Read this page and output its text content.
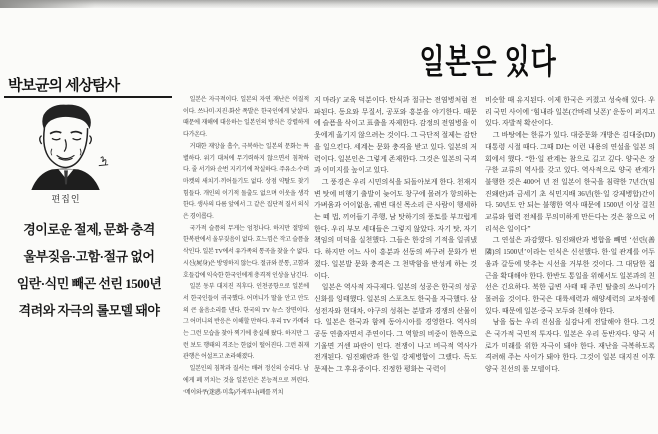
일본은 있다
박보균의 세상탐사
편집인
경이로운 절제, 문화 충격
울부짖음·고함·절규 없어
임란·식민 빼곤 선린 1500년
격려와 자극의 롤모델 돼야

일본은 자극적이다. 일본의 자연 재난은 이질적이다. 쓰나미·지진·화산 폭발은 한국인에게 낯설다. 때문에 재해에 대응하는 일본인의 방식은 강렬하게 다가온다.

거대한 재앙을 흡수, 극복하는 일본의 문화는 특별하다. 위기 대처에 무기력하지 않으면서 침착하다. 줄 서기와 순번 지키기에 착실하다. 주유소·수퍼마켓의 새치기·끼어들기도 없다. 상점 약탈도 찾기 힘들다. 개인의 이기적 돌출도 없으며 이웃을 생각한다. 생사의 다름 앞에서 그 같은 집단적 질서 의식은 경이롭다.

국가적 슬픔의 무게는 엄청나다. 하지만 절망의 한복판에서 울부짖음이 없다. 흐느낌은 작고 슬픔을 삭인다. 일본 TV에서 유가족의 통곡을 찾을 수 없다. 시신(屍身)은 방영하지 않는다. 절규와 분통, 고함과 호들갑에 익숙한 한국인에게 충격적 인상을 남긴다.

일본 동부 대지진 직후다. 인천공항으로 일본에서 한국인들이 귀국했다. 어머니가 딸을 안고 안도의 큰 울음소리를 낸다. 한국의 TV 뉴스 장면이다. 그 어머니의 반응은 이해할 만하다. 우리 TV 카메라는 그런 모습을 찾아 찍기에 충실해 왔다. 하지만 그런 보도 행태의 격조는 한없이 떨어진다. 그런 취재 관행은 어설프고 초라해졌다.

일본인의 침착과 질서는 배려 정신의 승리다. 남에게 폐 끼치는 것을 일본인은 본능적으로 꺼린다. ‘메이와쿠(迷惑·미혹)가케루나(폐를 끼치

지 마라)’ 교육 덕분이다. 탄식과 절규는 전염병처럼 전파된다. 동요와 무질서, 공포와 흥분을 야기한다. 때문에 슬픔을 삭이고 표출을 자제한다. 감정의 전염병을 이웃에게 옮기지 않으려는 것이다. 그 극단적 절제는 감탄을 일으킨다. 세계는 문화 충격을 받고 있다. 일본의 저력이다. 일본인은 그렇게 존재한다. 그것은 일본의 국격과 이미지를 높이고 있다.

그 풍경은 우리 시민의식을 되돌아보게 한다. 천재지변 탓에 비행기 출발이 늦어도 창구에 몰려가 항의하는 가벼움과 어이없음, 궤변 대신 목소리 큰 사람이 행세하는 떼 법, 끼어들기 주행, 남 탓하기의 풍토를 부끄럽게 한다. 우리 부모 세대들은 그렇지 않았다. 자기 탓, 자기 책임의 미덕을 실천했다. 그들은 한강의 기적을 일궈냈다. 하지만 어느 사이 흥분과 선동의 싸구려 문화가 번졌다. 일본발 문화 충격은 그 천박함을 반성케 하는 것이다.

일본은 역사적 자극제다. 일본의 성공은 한국의 성공 신화를 잉태했다. 일본의 스포츠도 한국을 자극했다. 삼성전자와 현대차, 야구의 성취는 분발과 경쟁의 산물이다. 일본은 한국과 함께 동아시아를 경영한다. 역사의 공동 연출자면서 주연이다. 그 역할의 비중이 한쪽으로 기울면 거센 파란이 인다. 전쟁이 나고 비극적 역사가 전개된다. 임진왜란과 한·일 강제병합이 그랬다. 독도 문제는 그 후유증이다. 진정한 평화는 국력이

비슷할 때 유지된다. 이제 한국은 커졌고 성숙해 있다. 우리 국민 사이에 ‘힘내라 일본(간바레 닛폰)’ 운동이 퍼지고 있다. 자발적 확산이다.

그 바탕에는 한류가 있다. 대중문화 개방은 김대중(DJ) 대통령 시절 때다. 그때 DJ는 이런 내용의 연설을 일본 의회에서 했다. “한·일 관계는 참으로 길고 깊다. 양국은 장구한 교류의 역사를 갖고 있다. 역사적으로 양국 관계가 불행한 것은 400여 년 전 일본이 한국을 침략한 7년간(임진왜란)과 금세기 초 식민지배 36년(한·일 강제병합)간이다. 50년도 안 되는 불행한 역사 때문에 1500년 이상 걸친 교류와 협력 전체를 무의미하게 만든다는 것은 참으로 어리석은 일이다”

그 연설은 과감했다. 임진왜란과 병합을 빼면 ‘선린(善隣)의 1500년’이라는 인식은 신선했다. 한·일 관계를 어두움과 갈등에 맞추는 시선을 거부한 것이다. 그 대담한 접근을 확대해야 한다. 한반도 통일을 위해서도 일본과의 친선은 긴요하다. 북한 급변 사태 때 주민 탈출의 쓰나미가 몰려올 것이다. 한국은 대륙세력과 해양세력의 교차점에 있다. 때문에 일본·중국 모두와 친해야 한다.

남을 돕는 우리 진심을 실감나게 전달해야 한다. 그것은 국가적 국민적 투자다. 일본은 우리 동반자다. 양국 서로가 미래를 위한 자극이 돼야 한다. 재난을 극복하도록 격려해 주는 사이가 돼야 한다. 그것이 일본 대지진 이후 양국 친선의 롤 모델이다.
